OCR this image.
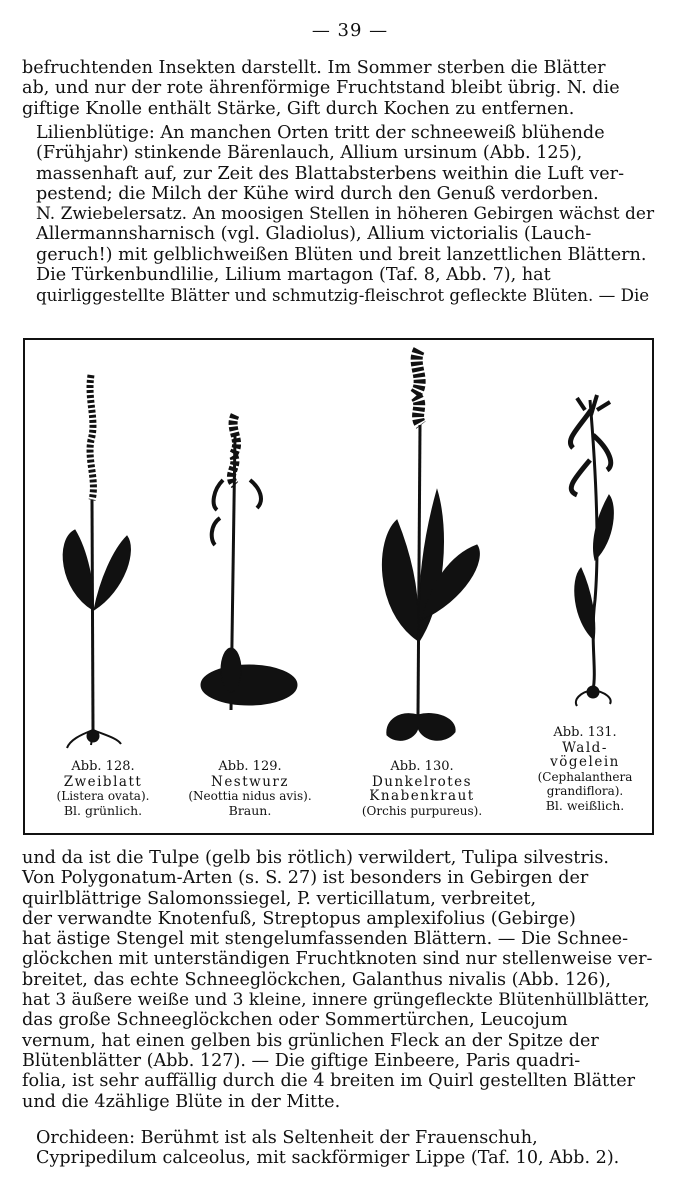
— 39 —

befruchtenden Insekten darstellt. Im Sommer sterben die Blätter
ab, und nur der rote ährenförmige Fruchtstand bleibt übrig. N. die
giftige Knolle enthält Stärke, Gift durch Kochen zu entfernen.

Lilienblütige: An manchen Orten tritt der schneeweiß blühende
(Frühjahr) stinkende Bärenlauch, Allium ursinum (Abb. 125),
massenhaft auf, zur Zeit des Blattabsterbens weithin die Luft ver-
pestend; die Milch der Kühe wird durch den Genuß verdorben.
N. Zwiebelersatz. An moosigen Stellen in höheren Gebirgen wächst der
Allermannsharnisch (vgl. Gladiolus), Allium victorialis (Lauch-
geruch!) mit gelblichweißen Blüten und breit lanzettlichen Blättern.
Die Türkenbundlilie, Lilium martagon (Taf. 8, Abb. 7), hat
quirliggestellte Blätter und schmutzig-fleischrot gefleckte Blüten. — Die

Abb. 128.
Zweiblatt
(Listera ovata).
Bl. grünlich.
Abb. 129.
Nestwurz
(Neottia nidus avis).
Braun.
Abb. 130.
Dunkelrotes
Knabenkraut
(Orchis purpureus).
Abb. 131.
Wald-
vögelein
(Cephalanthera
grandiflora).
Bl. weißlich.

und da ist die Tulpe (gelb bis rötlich) verwildert, Tulipa silvestris.
Von Polygonatum-Arten (s. S. 27) ist besonders in Gebirgen der
quirlblättrige Salomonssiegel, P. verticillatum, verbreitet,
der verwandte Knotenfuß, Streptopus amplexifolius (Gebirge)
hat ästige Stengel mit stengelumfassenden Blättern. — Die Schnee-
glöckchen mit unterständigen Fruchtknoten sind nur stellenweise ver-
breitet, das echte Schneeglöckchen, Galanthus nivalis (Abb. 126),
hat 3 äußere weiße und 3 kleine, innere grüngefleckte Blütenhüllblätter,
das große Schneeglöckchen oder Sommertürchen, Leucojum
vernum, hat einen gelben bis grünlichen Fleck an der Spitze der
Blütenblätter (Abb. 127). — Die giftige Einbeere, Paris quadri-
folia, ist sehr auffällig durch die 4 breiten im Quirl gestellten Blätter
und die 4zählige Blüte in der Mitte.

Orchideen: Berühmt ist als Seltenheit der Frauenschuh,
Cypripedilum calceolus, mit sackförmiger Lippe (Taf. 10, Abb. 2).
